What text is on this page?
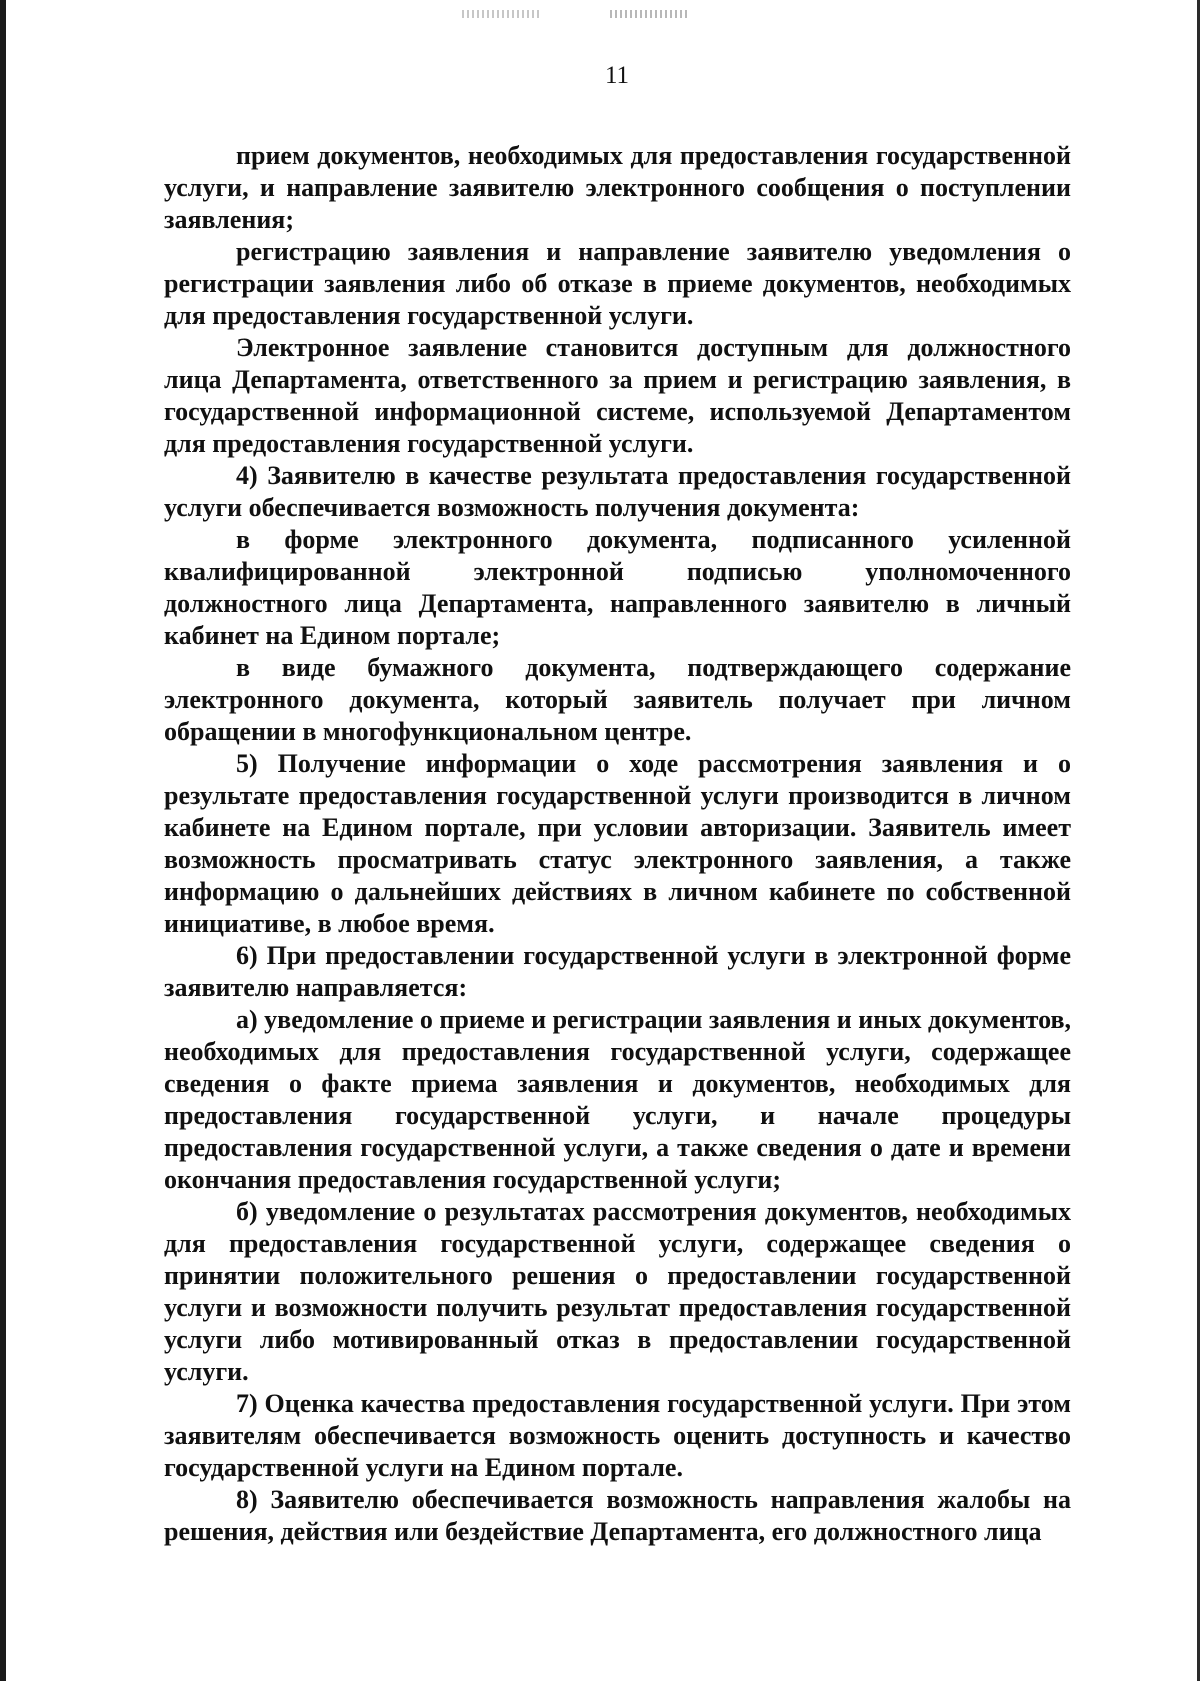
11

прием документов, необходимых для предоставления государственной услуги, и направление заявителю электронного сообщения о поступлении заявления;

регистрацию заявления и направление заявителю уведомления о регистрации заявления либо об отказе в приеме документов, необходимых для предоставления государственной услуги.

Электронное заявление становится доступным для должностного лица Департамента, ответственного за прием и регистрацию заявления, в государственной информационной системе, используемой Департаментом для предоставления государственной услуги.

4) Заявителю в качестве результата предоставления государственной услуги обеспечивается возможность получения документа:

в форме электронного документа, подписанного усиленной квалифицированной электронной подписью уполномоченного должностного лица Департамента, направленного заявителю в личный кабинет на Едином портале;

в виде бумажного документа, подтверждающего содержание электронного документа, который заявитель получает при личном обращении в многофункциональном центре.

5) Получение информации о ходе рассмотрения заявления и о результате предоставления государственной услуги производится в личном кабинете на Едином портале, при условии авторизации. Заявитель имеет возможность просматривать статус электронного заявления, а также информацию о дальнейших действиях в личном кабинете по собственной инициативе, в любое время.

6) При предоставлении государственной услуги в электронной форме заявителю направляется:

а) уведомление о приеме и регистрации заявления и иных документов, необходимых для предоставления государственной услуги, содержащее сведения о факте приема заявления и документов, необходимых для предоставления государственной услуги, и начале процедуры предоставления государственной услуги, а также сведения о дате и времени окончания предоставления государственной услуги;

б) уведомление о результатах рассмотрения документов, необходимых для предоставления государственной услуги, содержащее сведения о принятии положительного решения о предоставлении государственной услуги и возможности получить результат предоставления государственной услуги либо мотивированный отказ в предоставлении государственной услуги.

7) Оценка качества предоставления государственной услуги. При этом заявителям обеспечивается возможность оценить доступность и качество государственной услуги на Едином портале.

8) Заявителю обеспечивается возможность направления жалобы на решения, действия или бездействие Департамента, его должностного лица
